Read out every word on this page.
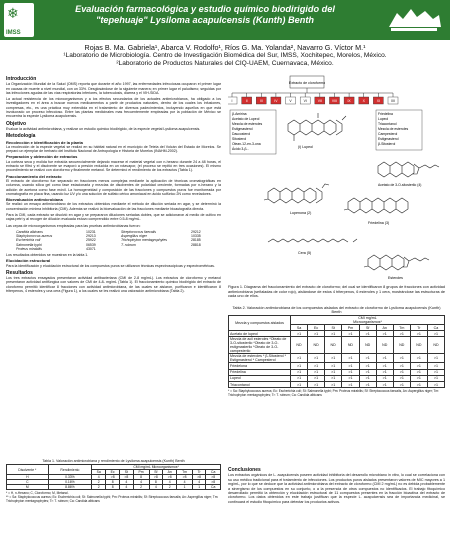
❄
IMSS
Evaluación farmacológica y estudio químico biodirigido del
"tepehuaje" Lysiloma acapulcensis (Kunth) Benth
Rojas B. Ma. Gabriela¹, Abarca V. Rodolfo¹, Ríos G. Ma. Yolanda², Navarro G. Víctor M.¹
¹Laboratorio de Microbiología. Centro de Investigación Biomédica del Sur, IMSS, Xochitepec, Morelos, México.
²Laboratorio de Productos Naturales del CIQ-UAEM, Cuernavaca, México.
Introducción

La Organización Mundial de la Salud (OMS) reporta que durante el año 1997, las enfermedades infecciosas ocuparon el primer lugar en causas de muerte a nivel mundial, con un 33%. Desglosándose de la siguiente manera; en primer lugar el paludismo; seguidas por las infecciones agudas de las vías respiratorias inferiores, la tuberculosis, diarrea y el VIH-SIDA.

La actual resistencia de los microorganismos y a los efectos secundarios de los actuales antimicrobianos, ha obligado a los investigadores en el área a buscar nuevos medicamentos a partir de productos naturales, dentro de los cuales los infusiones, compresas, etc., es una práctica muy extendida en el tratamiento de diversos padecimientos, incluyendo aquellos en que está involucrado un proceso infeccioso. Entre las plantas medicinales mas frecuentemente empleadas por la población de México se encuentra la especie Lysiloma acapulcensis.

Objetivo

Evaluar la actividad antimicrobiana, y realizar un estudio químico biodirigido, de la especie vegetal Lysiloma acapulcensis.

Metodología
Recolección e identificación de la planta

La recolección de la especie vegetal se realizó en su hábitat natural en el municipio de Tetela del Volcán del Estado de Morelos. Se preparó un ejemplar de herbario del Instituto Nacional de Antropología e Historia de Morelos (INAHM-2002).

Preparación y obtención de extractos

La corteza seca y molida fue extraída secuencialmente dejando macerar el material vegetal con n-hexano durante 24 a 48 horas, el extracto se filtró y el disolvente se evaporó a presión reducida en un rotavapor, (el proceso se repitió en tres ocasiones). El mismo procedimiento se realizó con cloroformo y finalmente metanol. Se determinó el rendimiento de los extractos (Tabla 1).

Fraccionamiento del extracto

El extracto de cloroformo fue separado en fracciones menos complejas mediante la aplicación de técnicas cromatográficas en columna, usando sílica gel como fase estacionaria y mezclas de disolventes de polaridad creciente, formadas por n-hexano y la adición de acetona como fase móvil. La homogeneidad y composición de las fracciones y compuestos puros fue monitoreada por cromatografía en placa fina, usando luz UV y/o una solución de sulfato cérico amoniacal en ácido sulfúrico 2N como reveladores.

Bioevaluación antimicrobiana

Se realizó un ensayo antimicrobiano de los extractos obtenidos mediante el método de dilución seriada en agar, y se determinó la concentración mínima inhibitoria (CMI). Además se realizó la bioevaluación de las fracciones mediante bioautografía directa.

Para la CMI, cada extracto se disolvió en agar y se prepararon diluciones seriadas dobles, que se adicionaron al medio de cultivo en cajas petri y al recoger de dilución evaluada estuvo comprendido entre 0.5-8 mg/mL.

Las cepas de microorganismos empleadas para las pruebas antimicrobianas fueron:

Candida albicans	10231	Streptococcus faecalis	29212
Staphylococcus aureus	29213	Aspergillus niger	10335
Escherichia coli	25922	Trichophyton mentagrophytes	28185
Salmonella typhi	06539	T. rubrum	28818
Proteus mirabilis	43071

Los resultados obtenidos se muestran en la tabla 1.

Elucidación estructural

Para la identificación y elucidación estructural de los compuestos puros se utilizaron técnicas espectroscópicas y espectrométricas.

Resultados

Los tres extractos ensayados presentaron actividad antibacteriana (CMI de 2-8 mg/mL). Los extractos de cloroformo y metanol presentaron actividad antifúngica con valores de CMI de 4-8- mg/mL (Tabla 1). El fraccionamiento químico biodirigido del extracto de cloroformo permitió identificar 8 fracciones con actividad antimicrobiana, de las cuales se aislaron, purificaron e identificaron 8 triterpenos, 4 esteroles y una cera (Figura 1), a los cuales se les realizó una valoración antimicrobiana (Tabla 2).

Tabla 1. Valoración antimicrobiana y rendimiento de Lysiloma acapulcensis (Kunth) Benth
Disolvente *	Rendimiento	CMI mg/mL Microorganismos*								
		Sa	Ec	St	Pm	Sf	An	Tm	Tr	Ca
H	0.33%	4	>8	>8	8	>8	>8	>8	>8	>8
C	0.16%	2	8	4	4	8	4	4	4	>8
M	8.86%	2	8	4	2	4	2	1	1	Ca
* = H, n-Hexano; C, Cloroformo; M, Metanol.
** = Sa: Staphylococcus aureus; Ec: Escherichia coli; St: Salmonella typhi; Pm: Proteus mirabilis; Sf: Streptococcus faecalis; An: Aspergillus niger; Tm: Trichophyton mentagrophytes; Tr: T. rubrum; Ca: Candida albicans
Extracto de cloroformo
I	II	III	IV	V	VI	VII	VIII	IX	X	XI	XII
β-Amirina
Acetato de Lupeol
Mezcla de esteroles
Estigmasterol
Daucosterol
Sitosterol
Olean-12-en-3-ona
Ácido 3-β...
Friedelina
Lupeol
Triacontanol
Mezcla de esteroles
Campesterol
Estigmasterol
β-Sitosterol
(i) Lupeol
Acetato de 3-O-sitosterilo (4)
Lupenona (2)
Friedelina (3)
Cera (5)
Esteroles
Figura 1. Diagrama del fraccionamiento del extracto de cloroformo; del cual se identificaron 8 grupos de fracciones con actividad antimicrobiana (señaladas de color rojo), aislándose de estos 4 triterpenos, 6 esteroles y 1 cera, mostrándose las estructuras de cada uno de ellos.
Tabla 2. Valoración antimicrobiana de los compuestos aislados del extracto de cloroformo de Lysiloma acapulcensis (Kunth) Benth
Mezcla y compuestos aislados	CMI mg/mL
Microorganismos*								

	Sa	Ec	St	Pm	Sf	An	Tm	Tr	Ca
Acetato de lupeol	>1	>1	>1	>1	>1	>1	>1	>1	>1
Mezcla de acil esteroles *Oleato de 3-O-sitosterilo *Oleato de 3-O-estigmasterilo *Oleato de 3-O-campesterilo	ND	ND	ND	ND	ND	ND	ND	ND	ND
Mezcla de esteroles * β-Sitosterol * Estigmasterol * Campesterol	>1	>1	>1	>1	>1	>1	>1	>1	>1
Friedelona	>1	>1	>1	>1	>1	>1	>1	>1	>1
Friedelina	>1	>1	>1	>1	>1	>1	>1	>1	>1
Lupeol	>1	>1	>1	>1	>1	>1	>1	>1	>1
Triacontanol	>1	>1	>1	>1	>1	>1	>1	>1	>1
* = Sa: Staphylococcus aureus; Ec: Escherichia coli; St: Salmonella typhi; Pm: Proteus mirabilis; Sf: Streptococcus faecalis, An: Aspergillus niger; Tm: Trichophyton mentagrophytes; Tr: T. rubrum; Ca: Candida albicans
Conclusiones

Los extractos orgánicos de L. acapulcensis poseen actividad inhibitoria del desarrollo microbiano in vitro, lo cual se correlaciona con su uso médico tradicional para el tratamiento de infecciones. Los productos puros aislados presentaron valores de MIC mayores a 1 mg/mL, por lo que se deduce que la actividad antimicrobiana del extracto de cloroformo (CMI 2 mg/mL) no es debida probablemente a sinergismo de los compuestos en su conjunto, o a la presencia de otros compuestos no identificados. El trabajo fitoquímico desarrollado permitió la obtención y elucidación estructural de 11 compuestos presentes en la fracción bioactiva del extracto de cloroformo. Los datos obtenidos en este trabajo justifican que la especie L. acapulcensis sea de importancia medicinal, se continuará el estudio fitoquímico para detectar los productos activos.
